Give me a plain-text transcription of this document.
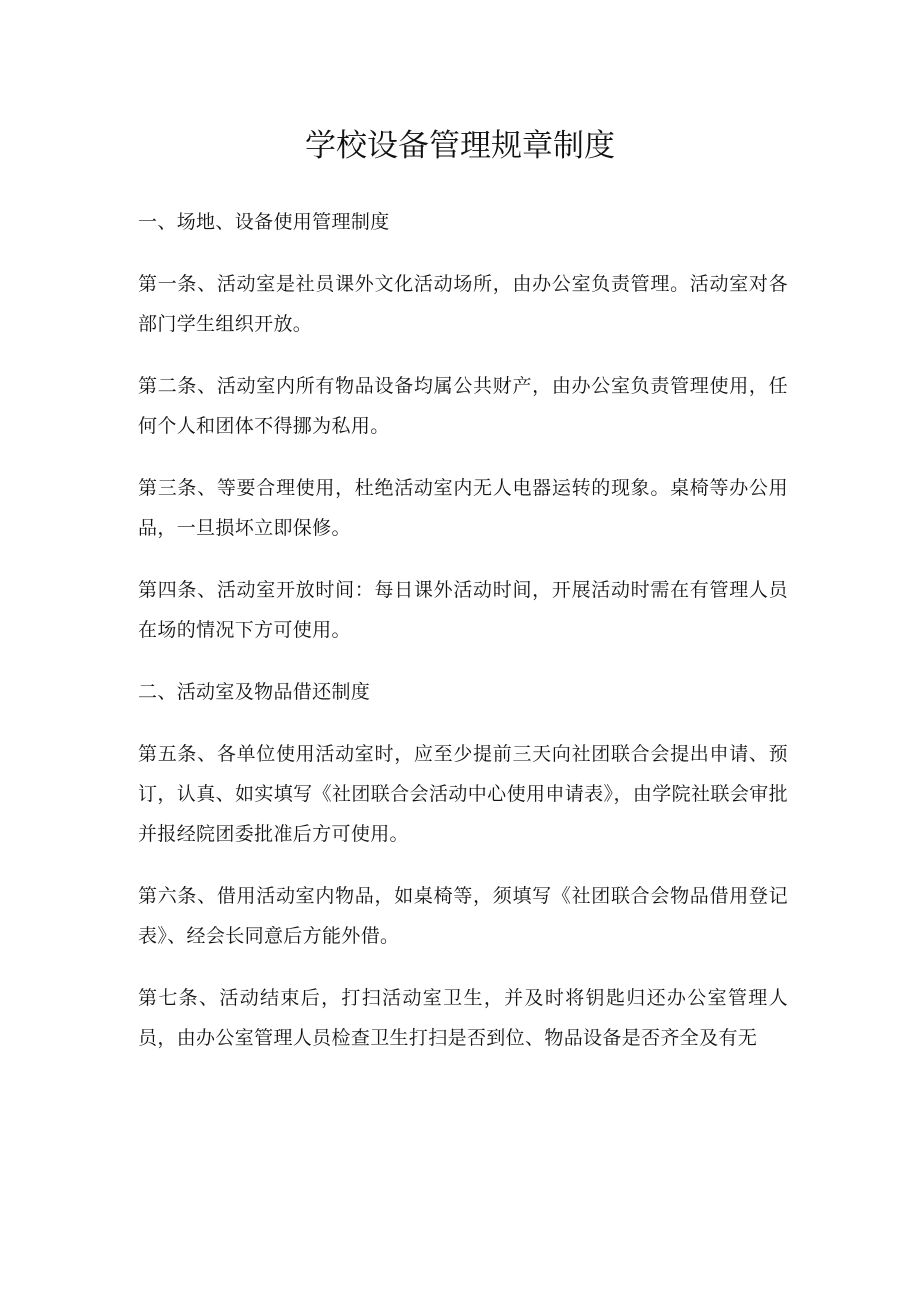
学校设备管理规章制度

一、场地、设备使用管理制度

第一条、活动室是社员课外文化活动场所，由办公室负责管理。活动室对各部门学生组织开放。

第二条、活动室内所有物品设备均属公共财产，由办公室负责管理使用，任何个人和团体不得挪为私用。

第三条、等要合理使用，杜绝活动室内无人电器运转的现象。桌椅等办公用品，一旦损坏立即保修。

第四条、活动室开放时间：每日课外活动时间，开展活动时需在有管理人员在场的情况下方可使用。

二、活动室及物品借还制度

第五条、各单位使用活动室时，应至少提前三天向社团联合会提出申请、预订，认真、如实填写《社团联合会活动中心使用申请表》，由学院社联会审批并报经院团委批准后方可使用。

第六条、借用活动室内物品，如桌椅等，须填写《社团联合会物品借用登记表》、经会长同意后方能外借。

第七条、活动结束后，打扫活动室卫生，并及时将钥匙归还办公室管理人员，由办公室管理人员检查卫生打扫是否到位、物品设备是否齐全及有无
